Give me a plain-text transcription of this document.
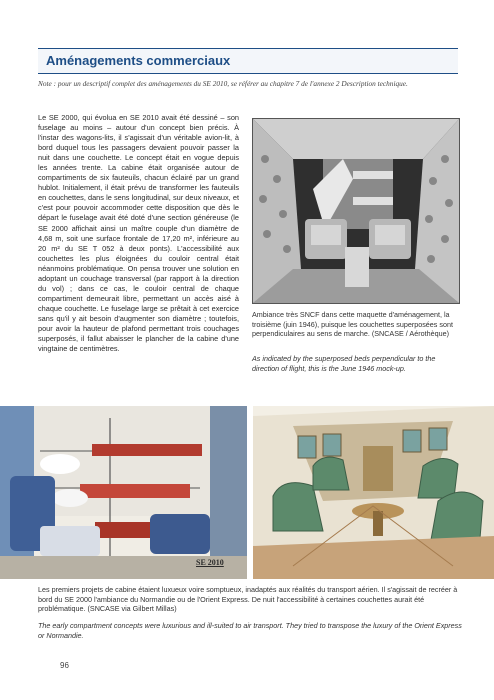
Aménagements commerciaux
Note : pour un descriptif complet des aménagements du SE 2010, se référer au chapitre 7 de l'annexe 2 Description technique.
Le SE 2000, qui évolua en SE 2010 avait été dessiné – son fuselage au moins – autour d'un concept bien précis. À l'instar des wagons-lits, il s'agissait d'un véritable avion-lit, à bord duquel tous les passagers devaient pouvoir passer la nuit dans une couchette. Le concept était en vogue depuis les années trente. La cabine était organisée autour de compartiments de six fauteuils, chacun éclairé par un grand hublot. Initialement, il était prévu de transformer les fauteuils en couchettes, dans le sens longitudinal, sur deux niveaux, et c'est pour pouvoir accommoder cette disposition que dès le départ le fuselage avait été doté d'une section généreuse (le SE 2000 affichait ainsi un maître couple d'un diamètre de 4,68 m, soit une surface frontale de 17,20 m², inférieure au 20 m² du SE T 052 à deux ponts). L'accessibilité aux couchettes les plus éloignées du couloir central était néanmoins problématique. On pensa trouver une solution en adoptant un couchage transversal (par rapport à la direction du vol) ; dans ce cas, le couloir central de chaque compartiment demeurait libre, permettant un accès aisé à chaque couchette. Le fuselage large se prêtait à cet exercice sans qu'il y ait besoin d'augmenter son diamètre ; toutefois, pour avoir la hauteur de plafond permettant trois couchages superposés, il fallut abaisser le plancher de la cabine d'une vingtaine de centimètres.
Ambiance très SNCF dans cette maquette d'aménagement, la troisième (juin 1946), puisque les couchettes superposées sont perpendiculaires au sens de marche. (SNCASE / Aérothèque)
As indicated by the superposed beds perpendicular to the direction of flight, this is the June 1946 mock-up.
SE 2010
Les premiers projets de cabine étaient luxueux voire somptueux, inadaptés aux réalités du transport aérien. Il s'agissait de recréer à bord du SE 2000 l'ambiance du Normandie ou de l'Orient Express. De nuit l'accessibilité à certaines couchettes aurait été problématique. (SNCASE via Gilbert Millas)
The early compartment concepts were luxurious and ill-suited to air transport. They tried to transpose the luxury of the Orient Express or Normandie.
96
